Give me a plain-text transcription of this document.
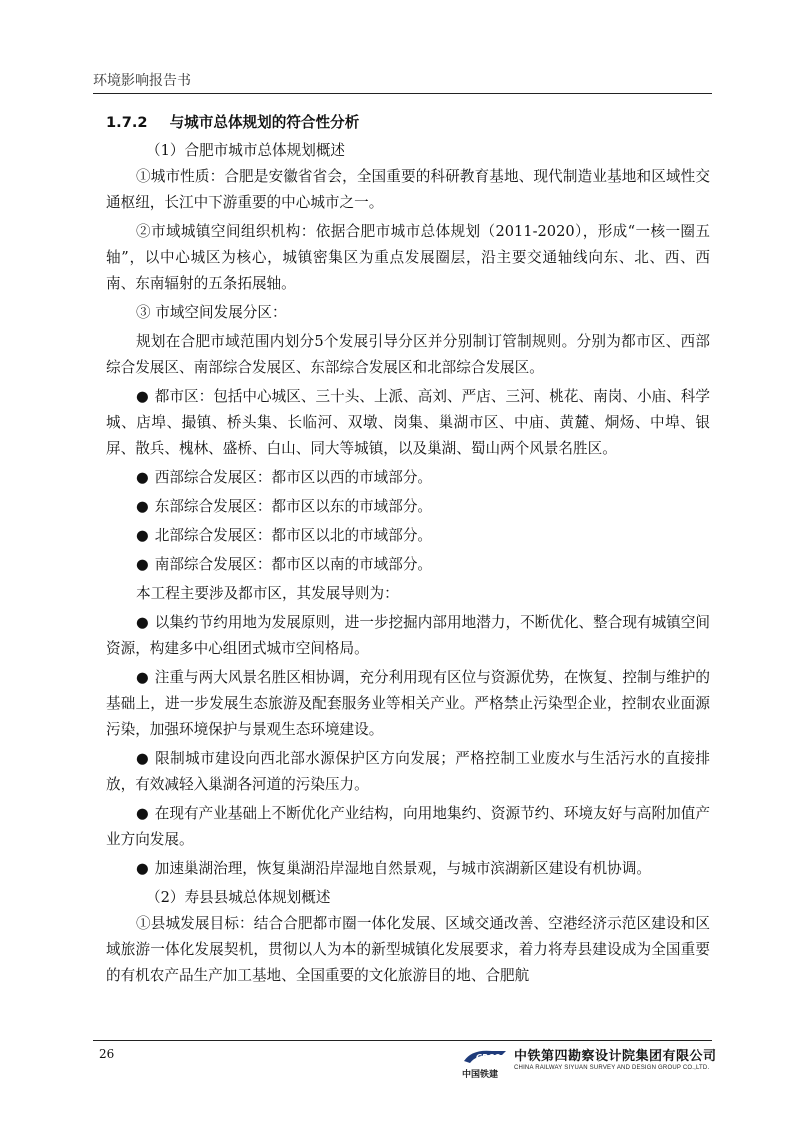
环境影响报告书
1.7.2 与城市总体规划的符合性分析

（1）合肥市城市总体规划概述

①城市性质：合肥是安徽省省会，全国重要的科研教育基地、现代制造业基地和区域性交通枢纽，长江中下游重要的中心城市之一。

②市域城镇空间组织机构：依据合肥市城市总体规划（2011-2020），形成“一核一圈五轴”，以中心城区为核心，城镇密集区为重点发展圈层，沿主要交通轴线向东、北、西、西南、东南辐射的五条拓展轴。

③ 市域空间发展分区：

规划在合肥市域范围内划分5个发展引导分区并分别制订管制规则。分别为都市区、西部综合发展区、南部综合发展区、东部综合发展区和北部综合发展区。

● 都市区：包括中心城区、三十头、上派、高刘、严店、三河、桃花、南岗、小庙、科学城、店埠、撮镇、桥头集、长临河、双墩、岗集、巢湖市区、中庙、黄麓、烔炀、中埠、银屏、散兵、槐林、盛桥、白山、同大等城镇，以及巢湖、蜀山两个风景名胜区。
● 西部综合发展区：都市区以西的市域部分。
● 东部综合发展区：都市区以东的市域部分。
● 北部综合发展区：都市区以北的市域部分。
● 南部综合发展区：都市区以南的市域部分。

本工程主要涉及都市区，其发展导则为：

● 以集约节约用地为发展原则，进一步挖掘内部用地潜力，不断优化、整合现有城镇空间资源，构建多中心组团式城市空间格局。
● 注重与两大风景名胜区相协调，充分利用现有区位与资源优势，在恢复、控制与维护的基础上，进一步发展生态旅游及配套服务业等相关产业。严格禁止污染型企业，控制农业面源污染，加强环境保护与景观生态环境建设。
● 限制城市建设向西北部水源保护区方向发展；严格控制工业废水与生活污水的直接排放，有效减轻入巢湖各河道的污染压力。
● 在现有产业基础上不断优化产业结构，向用地集约、资源节约、环境友好与高附加值产业方向发展。
● 加速巢湖治理，恢复巢湖沿岸湿地自然景观，与城市滨湖新区建设有机协调。

（2）寿县县城总体规划概述

①县城发展目标：结合合肥都市圈一体化发展、区域交通改善、空港经济示范区建设和区域旅游一体化发展契机，贯彻以人为本的新型城镇化发展要求，着力将寿县建设成为全国重要的有机农产品生产加工基地、全国重要的文化旅游目的地、合肥航

26	CRCC
中国铁建
中铁第四勘察设计院集团有限公司
CHINA RAILWAY SIYUAN SURVEY AND DESIGN GROUP CO.,LTD.
